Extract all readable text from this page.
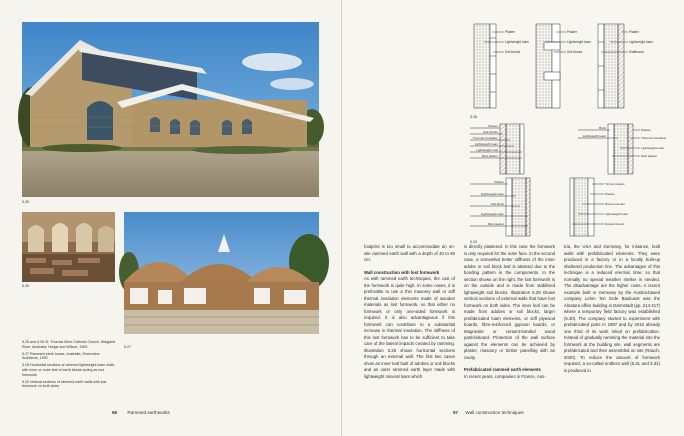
5.25
5.26
5.27
5.25 and 5.26 St. Thomas More Catholic Church, Margaret River, Australia; Hodge and Wilson, 1983
5.27 Rammed earth house, Australia, Greenview Architects, 1992
5.28 Horizontal sections of rammed lightweight loam walls with inner or outer leaf of earth blocks acting as lost formwork
5.29 Vertical sections of rammed earth walls with lost formwork on both sides
56 Rammed earthworks
Plaster
Lightweight loam
Soil blocks
Plaster
Lightweight loam
Soil blocks
Plaster
Lightweight loam
Slatfboard
5.28
Plaster
Soil blocks
Thermal insulation
Lightweight loam
Lightweight wall
Mud plaster
Brick
Lightweight loam
Plaster
Thermal insulation
Lightweight loam
Mud plaster
Plaster
Lightweight loam
Soil block
Lightweight loam
Mud plaster
Timber panels
Plaster
Rammed loam
Lightweight loam
Ducted board
5.29

footprint is too small to accommodate an on-site rammed earth wall with a depth of 40 to 60 cm.

Wall construction with lost formwork

As with rammed earth techniques, the cost of the formwork is quite high. In some cases, it is preferable to use a thin masonry wall or stiff thermal insulation elements made of wooden materials as lost formwork, so that either no formwork or only one-sided formwork is required. It is also advantageous if this formwork can contribute to a substantial increase in thermal insulation. The stiffness of this lost formwork has to be sufficient to take care of the lateral impacts created by ramming. Illustration 5.28 shows horizontal sections through an external wall. The first two cases show an inner leaf built of adobes or soil blocks and an outer rammed earth layer made with lightweight mineral loam which

is directly plastered. In this case the formwork is only required for the outer face. In the second case, a somewhat better stiffness of the inner adobe or soil block leaf is attained due to the bonding pattern in the components. In the section shown on the right, the lost formwork is on the outside and is made from stabilised lightweight soil blocks. Illustration 5.29 shows vertical sections of external walls that have lost formwork on both sides. The inner leaf can be made from adobes or soil blocks, larger prefabricated loam elements, or stiff plywood boards, fibre-reinforced gypsum boards, or Magnesite or cement-bonded wood particleboard. Protection of the wall surface against the elements can be achieved by plaster, masonry or timber panelling with air cavity.

Prefabricated rammed earth elements

In recent years, companies in France, Aus-

tria, the USA and Germany, for instance, built walls with prefabricated elements. They were produced in a factory or in a locally built-up sheltered production line. The advantages of this technique is a reduced erection time, so that normally no special weather shelter is needed. The disadvantage are the higher costs. A recent example built in Germany by the Austria-based company Lehm Ton Erde Baukunst was the Alnatura office building in Darmstadt (pp. 214-217) where a temporary field factory was established (5.30). The company started to experiment with prefabricated parts in 1997 and by 2015 already one third of its work relied on prefabrication. Instead of gradually ramming the material into the formwork at the building site, wall segments are prefabricated and then assembled on site (Rauch, 2020). To reduce the amount of formwork required, a so-called endless wall (5.31 and 5.32) is produced in

57 Wall construction techniques
